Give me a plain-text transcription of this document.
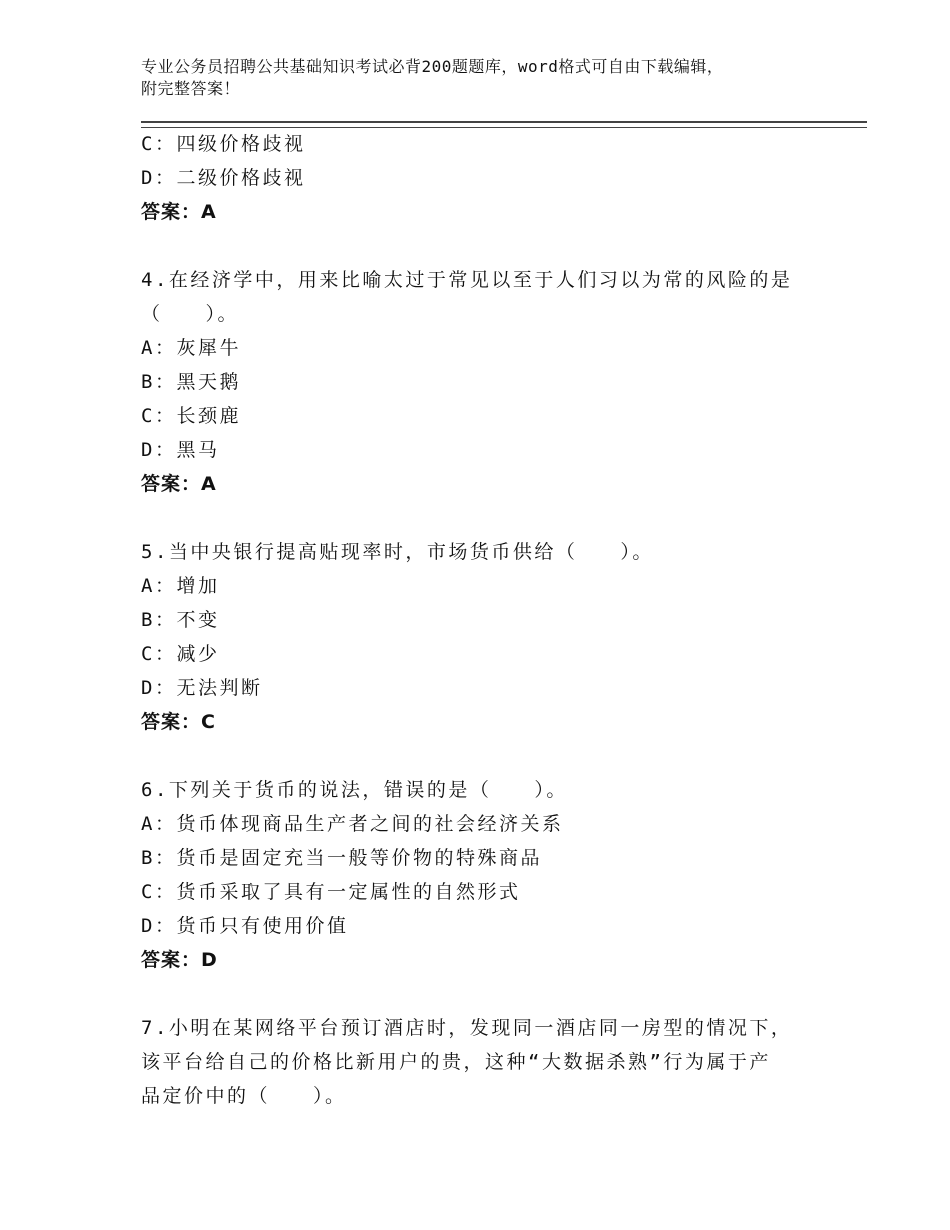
专业公务员招聘公共基础知识考试必背200题题库，word格式可自由下载编辑，
附完整答案！
C：四级价格歧视
D：二级价格歧视
答案：A
4.在经济学中，用来比喻太过于常见以至于人们习以为常的风险的是
（　　）。
A：灰犀牛
B：黑天鹅
C：长颈鹿
D：黑马
答案：A
5.当中央银行提高贴现率时，市场货币供给（　　）。
A：增加
B：不变
C：减少
D：无法判断
答案：C
6.下列关于货币的说法，错误的是（　　）。
A：货币体现商品生产者之间的社会经济关系
B：货币是固定充当一般等价物的特殊商品
C：货币采取了具有一定属性的自然形式
D：货币只有使用价值
答案：D
7.小明在某网络平台预订酒店时，发现同一酒店同一房型的情况下，
该平台给自己的价格比新用户的贵，这种“大数据杀熟”行为属于产
品定价中的（　　）。
